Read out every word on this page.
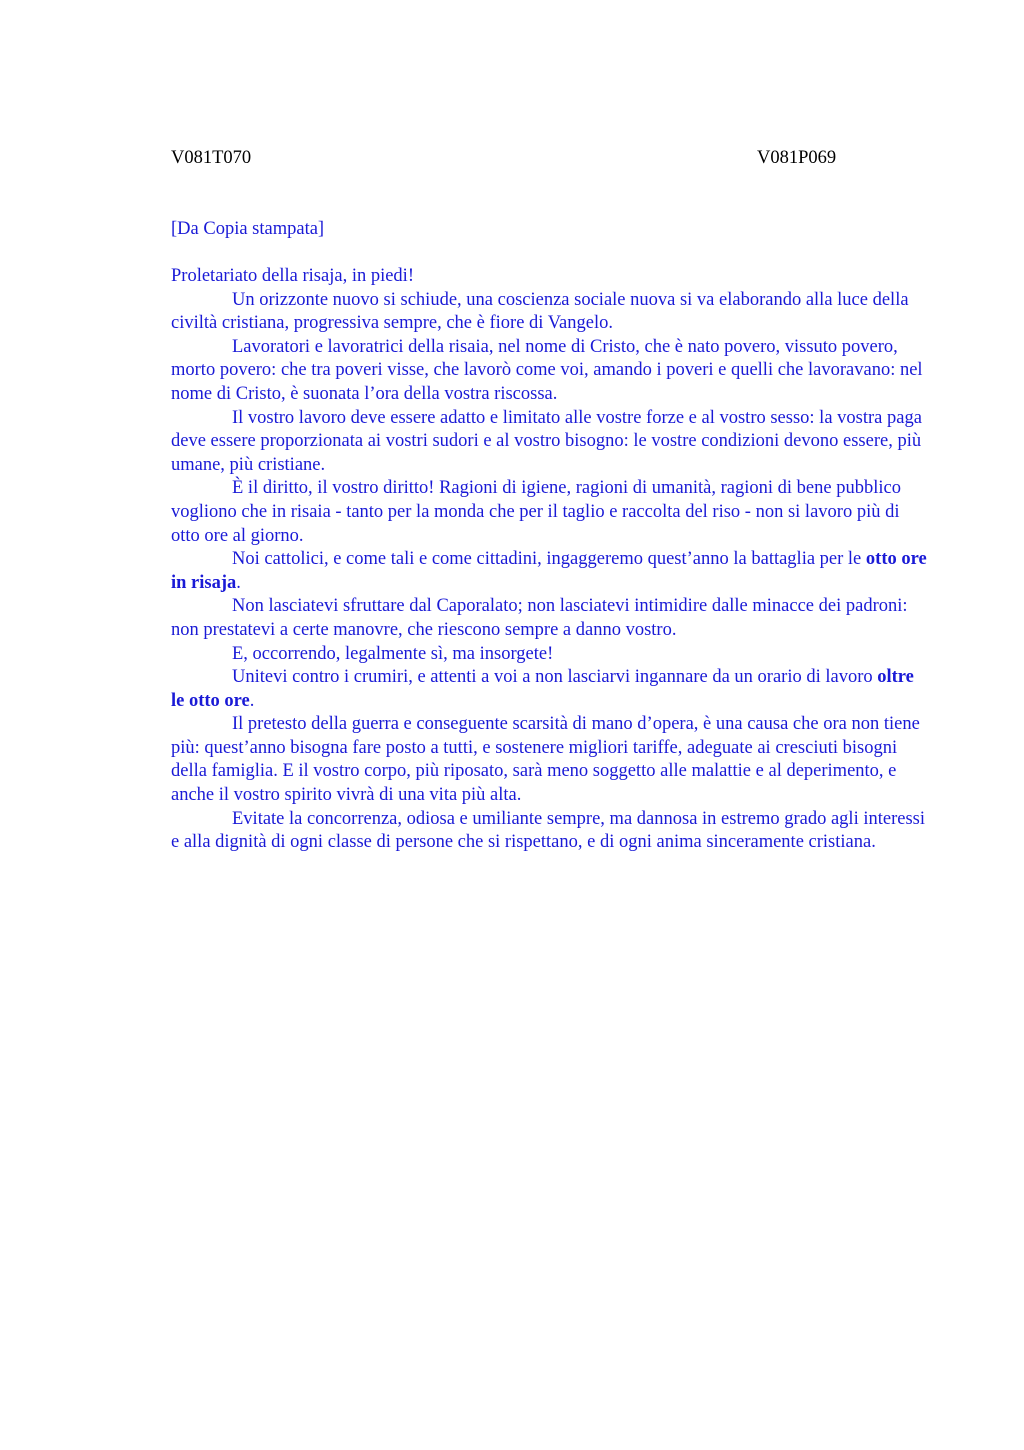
V081T070	V081P069
[Da Copia stampata]

Proletariato della risaja, in piedi!

Un orizzonte nuovo si schiude, una coscienza sociale nuova si va elaborando alla luce della civiltà cristiana, progressiva sempre, che è fiore di Vangelo.

Lavoratori e lavoratrici della risaia, nel nome di Cristo, che è nato povero, vissuto povero, morto povero: che tra poveri visse, che lavorò come voi, amando i poveri e quelli che lavoravano: nel nome di Cristo, è suonata l’ora della vostra riscossa.

Il vostro lavoro deve essere adatto e limitato alle vostre forze e al vostro sesso: la vostra paga deve essere proporzionata ai vostri sudori e al vostro bisogno: le vostre condizioni devono essere, più umane, più cristiane.

È il diritto, il vostro diritto! Ragioni di igiene, ragioni di umanità, ragioni di bene pubblico vogliono che in risaia - tanto per la monda che per il taglio e raccolta del riso - non si lavoro più di otto ore al giorno.

Noi cattolici, e come tali e come cittadini, ingaggeremo quest’anno la battaglia per le otto ore in risaja.

Non lasciatevi sfruttare dal Caporalato; non lasciatevi intimidire dalle minacce dei padroni: non prestatevi a certe manovre, che riescono sempre a danno vostro.

E, occorrendo, legalmente sì, ma insorgete!

Unitevi contro i crumiri, e attenti a voi a non lasciarvi ingannare da un orario di lavoro oltre le otto ore.

Il pretesto della guerra e conseguente scarsità di mano d’opera, è una causa che ora non tiene più: quest’anno bisogna fare posto a tutti, e sostenere migliori tariffe, adeguate ai cresciuti bisogni della famiglia. E il vostro corpo, più riposato, sarà meno soggetto alle malattie e al deperimento, e anche il vostro spirito vivrà di una vita più alta.

Evitate la concorrenza, odiosa e umiliante sempre, ma dannosa in estremo grado agli interessi e alla dignità di ogni classe di persone che si rispettano, e di ogni anima sinceramente cristiana.
